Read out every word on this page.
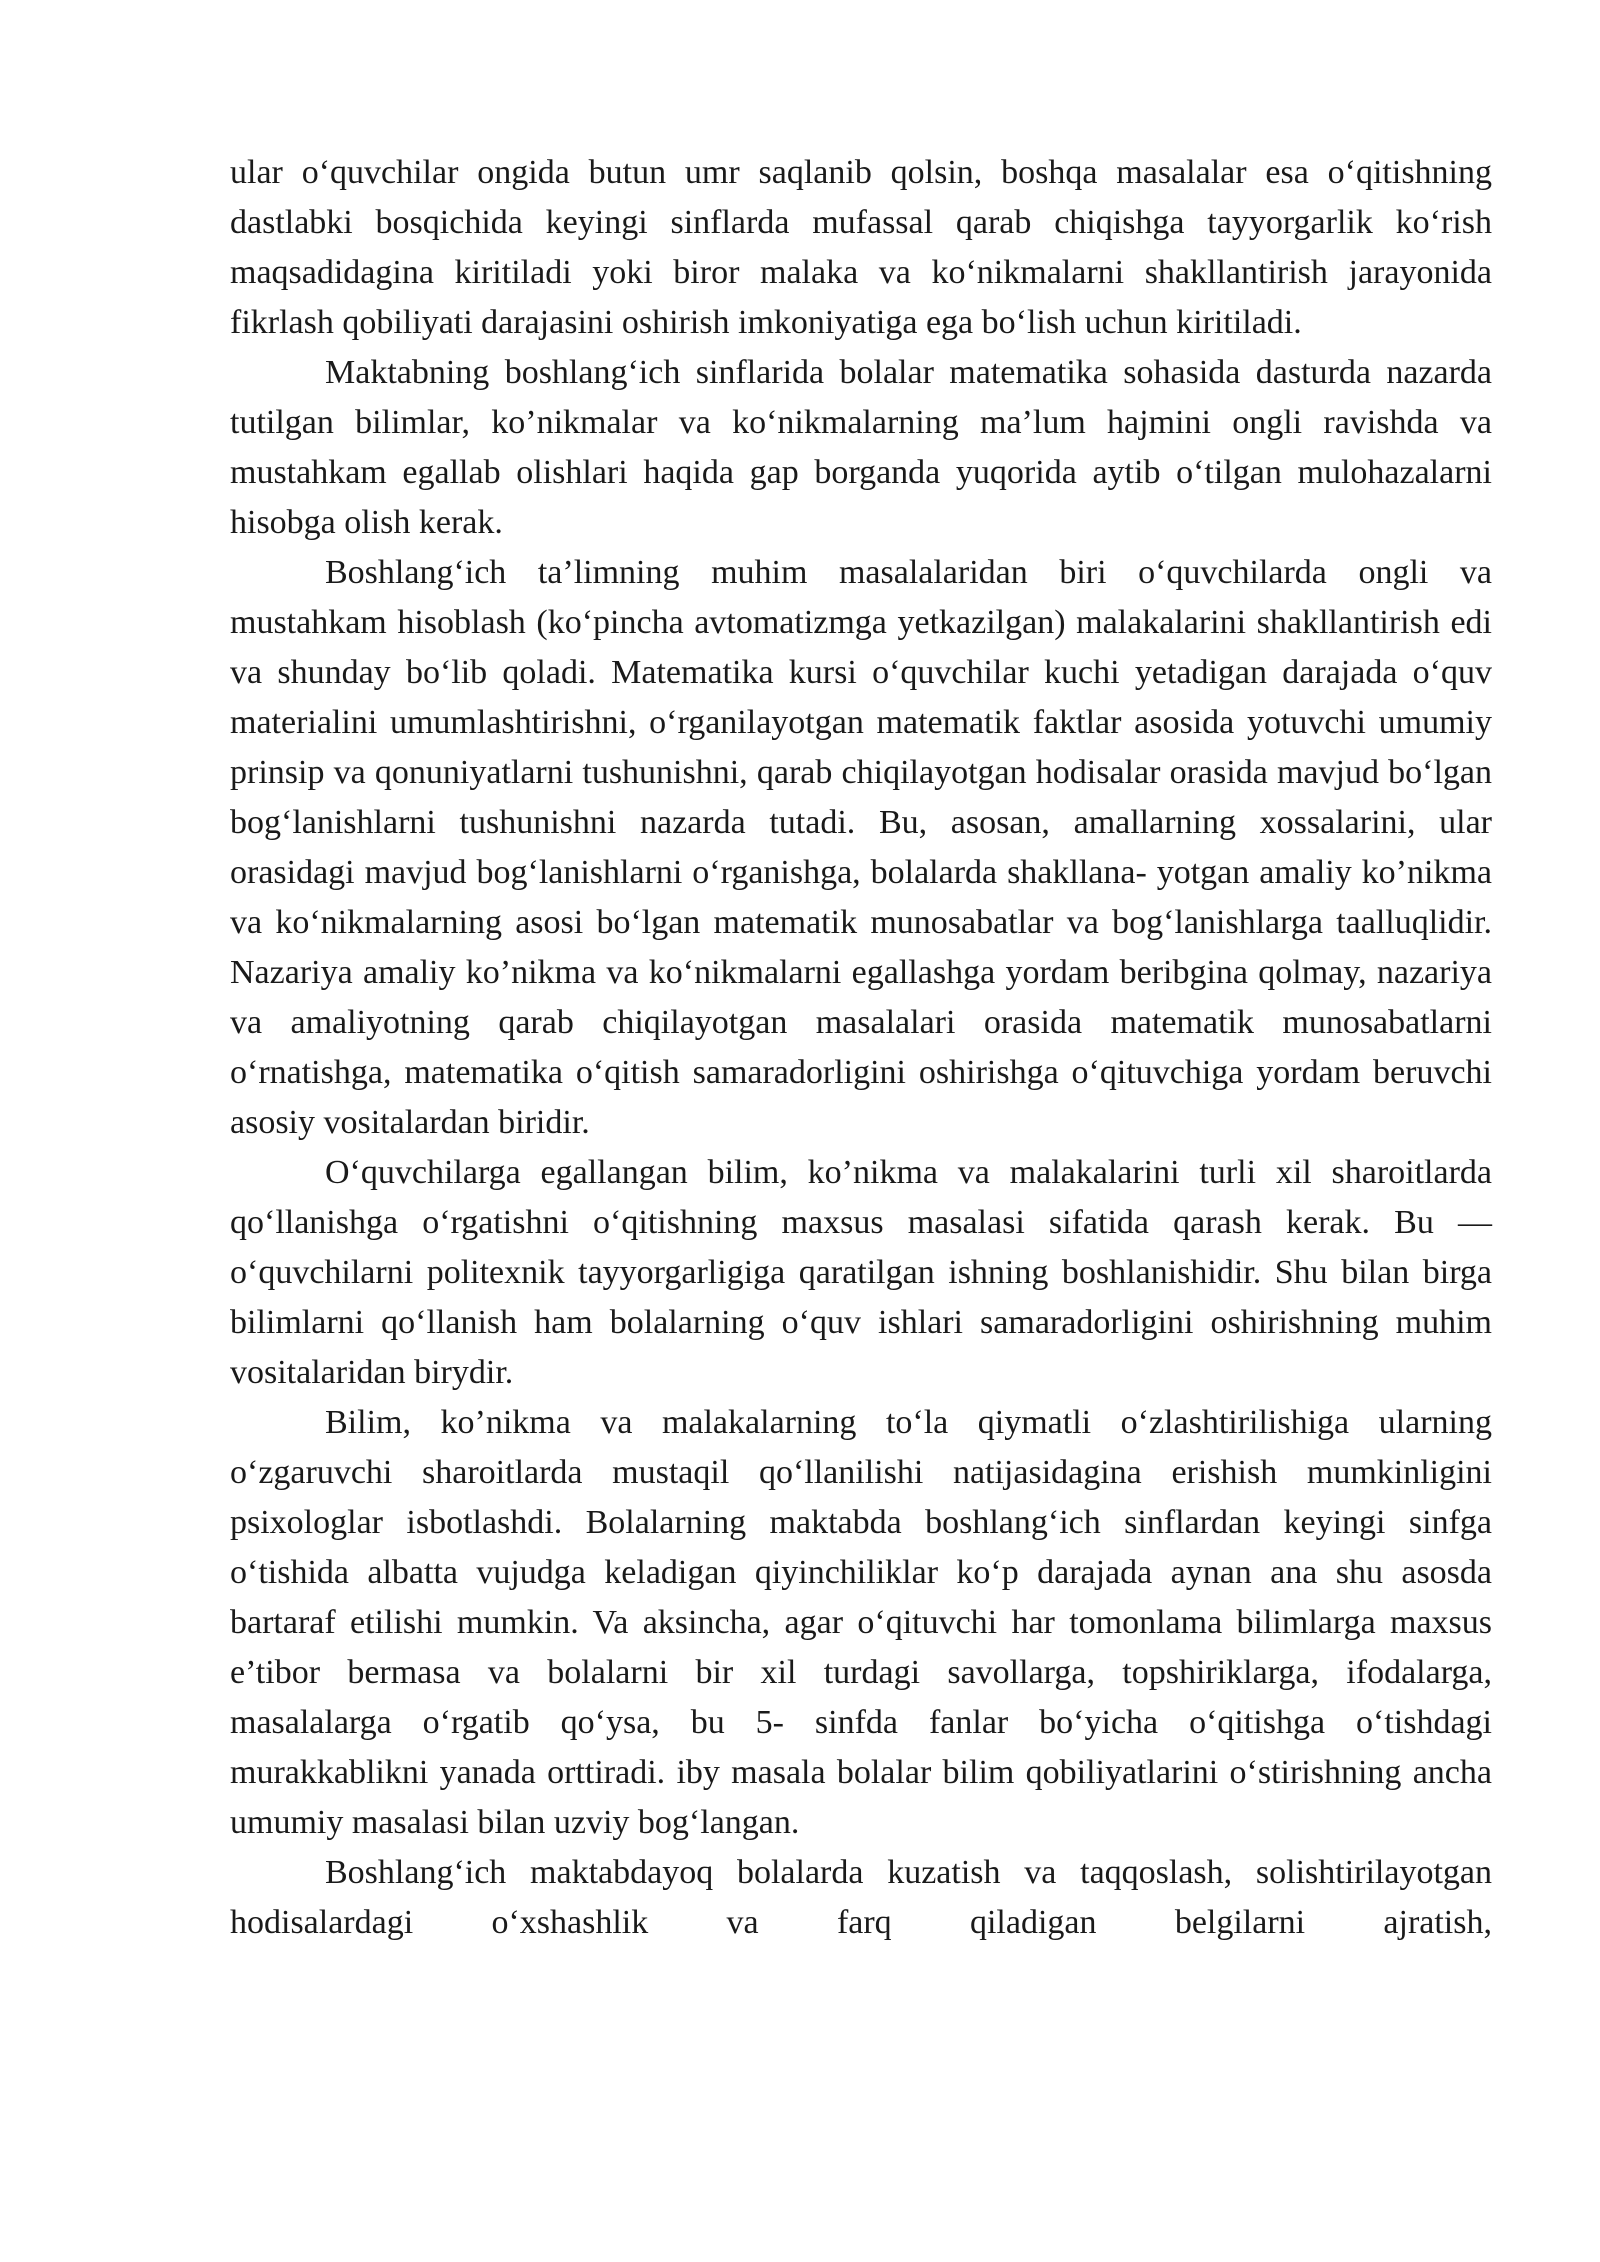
ular o‘quvchilar ongida butun umr saqlanib qolsin, boshqa masalalar esa o‘qitishning dastlabki bosqichida keyingi sinflarda mufassal qarab chiqishga tayyorgarlik ko‘rish maqsadidagina kiritiladi yoki biror malaka va ko‘nikmalarni shakllantirish jarayonida fikrlash qobiliyati darajasini oshirish imkoniyatiga ega bo‘lish uchun kiritiladi.

Maktabning boshlang‘ich sinflarida bolalar matematika sohasida dasturda nazarda tutilgan bilimlar, ko’nikmalar va ko‘nikmalarning ma’lum hajmini ongli ravishda va mustahkam egallab olishlari haqida gap borganda yuqorida aytib o‘tilgan mulohazalarni hisobga olish kerak.

Boshlang‘ich ta’limning muhim masalalaridan biri o‘quvchilarda ongli va mustahkam hisoblash (ko‘pincha avtomatizmga yetkazilgan) malakalarini shakllantirish edi va shunday bo‘lib qoladi. Matematika kursi o‘quvchilar kuchi yetadigan darajada o‘quv materialini umumlashtirishni, o‘rganilayotgan matematik faktlar asosida yotuvchi umumiy prinsip va qonuniyatlarni tushunishni, qarab chiqilayotgan hodisalar orasida mavjud bo‘lgan bog‘lanishlarni tushunishni nazarda tutadi. Bu, asosan, amallarning xossalarini, ular orasidagi mavjud bog‘lanishlarni o‘rganishga, bolalarda shakllana- yotgan amaliy ko’nikma va ko‘nikmalarning asosi bo‘lgan matematik munosabatlar va bog‘lanishlarga taalluqlidir. Nazariya amaliy ko’nikma va ko‘nikmalarni egallashga yordam beribgina qolmay, nazariya va amaliyotning qarab chiqilayotgan masalalari orasida matematik munosabatlarni o‘rnatishga, matematika o‘qitish samaradorligini oshirishga o‘qituvchiga yordam beruvchi asosiy vositalardan biridir.

O‘quvchilarga egallangan bilim, ko’nikma va malakalarini turli xil sharoitlarda qo‘llanishga o‘rgatishni o‘qitishning maxsus masalasi sifatida qarash kerak. Bu — o‘quvchilarni politexnik tayyorgarligiga qaratilgan ishning boshlanishidir. Shu bilan birga bilimlarni qo‘llanish ham bolalarning o‘quv ishlari samaradorligini oshirishning muhim vositalaridan birydir.

Bilim, ko’nikma va malakalarning to‘la qiymatli o‘zlashtirilishiga ularning o‘zgaruvchi sharoitlarda mustaqil qo‘llanilishi natijasidagina erishish mumkinligini psixologlar isbotlashdi. Bolalarning maktabda boshlang‘ich sinflardan keyingi sinfga o‘tishida albatta vujudga keladigan qiyinchiliklar ko‘p darajada aynan ana shu asosda bartaraf etilishi mumkin. Va aksincha, agar o‘qituvchi har tomonlama bilimlarga maxsus e’tibor bermasa va bolalarni bir xil turdagi savollarga, topshiriklarga, ifodalarga, masalalarga o‘rgatib qo‘ysa, bu 5- sinfda fanlar bo‘yicha o‘qitishga o‘tishdagi murakkablikni yanada orttiradi. iby masala bolalar bilim qobiliyatlarini o‘stirishning ancha umumiy masalasi bilan uzviy bog‘langan.

Boshlang‘ich maktabdayoq bolalarda kuzatish va taqqoslash, solishtirilayotgan hodisalardagi o‘xshashlik va farq qiladigan belgilarni ajratish,
